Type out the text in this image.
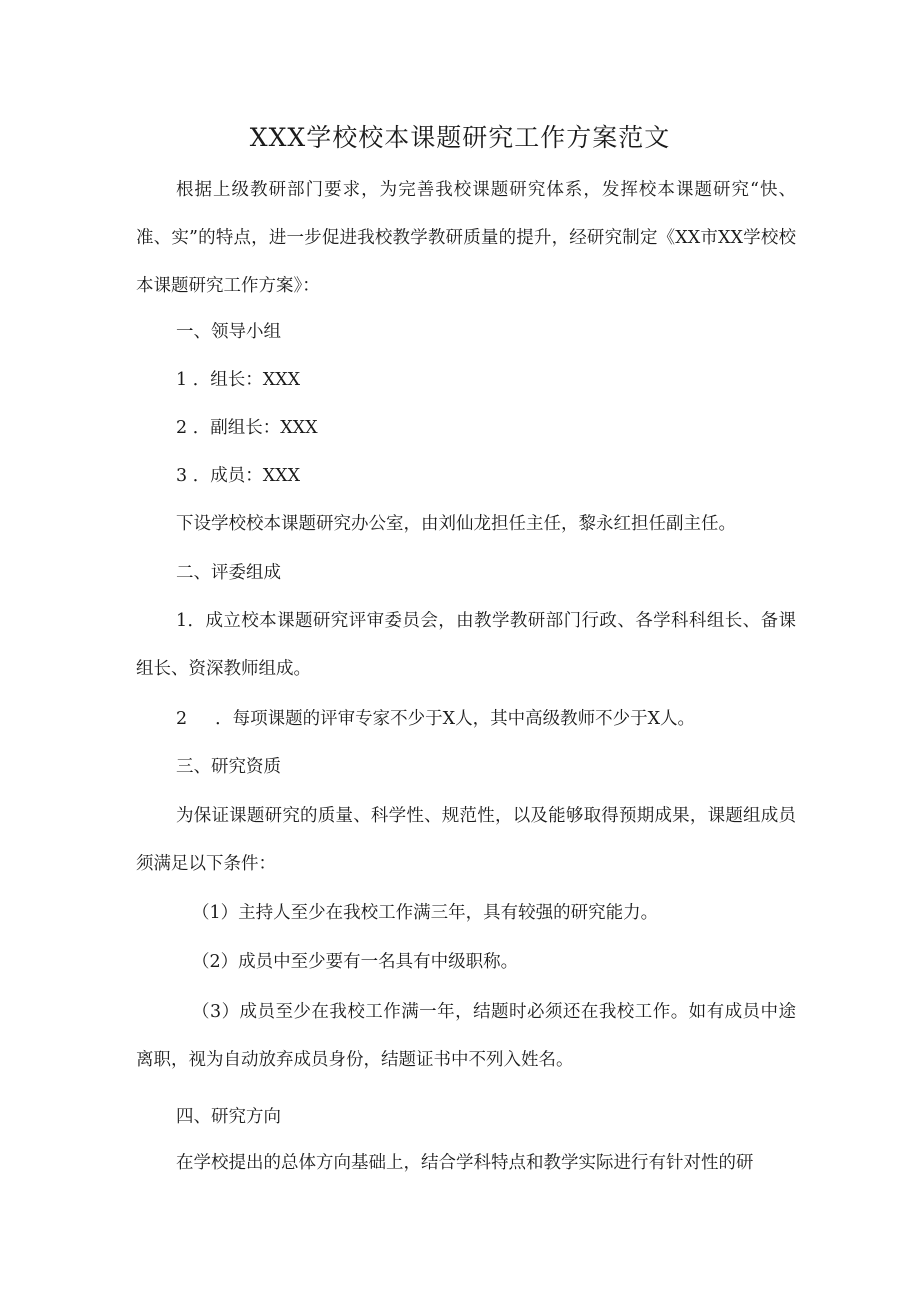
XXX学校校本课题研究工作方案范文
根据上级教研部门要求，为完善我校课题研究体系，发挥校本课题研究“快、准、实”的特点，进一步促进我校教学教研质量的提升，经研究制定《XX市XX学校校本课题研究工作方案》：
一、领导小组
1 ．组长：XXX
2 ．副组长：XXX
3 ．成员：XXX
下设学校校本课题研究办公室，由刘仙龙担任主任，黎永红担任副主任。
二、评委组成
1．成立校本课题研究评审委员会，由教学教研部门行政、各学科科组长、备课组长、资深教师组成。
2 ．每项课题的评审专家不少于X人，其中高级教师不少于X人。
三、研究资质
为保证课题研究的质量、科学性、规范性，以及能够取得预期成果，课题组成员须满足以下条件：
（1）主持人至少在我校工作满三年，具有较强的研究能力。
（2）成员中至少要有一名具有中级职称。
（3）成员至少在我校工作满一年，结题时必须还在我校工作。如有成员中途离职，视为自动放弃成员身份，结题证书中不列入姓名。
四、研究方向
在学校提出的总体方向基础上，结合学科特点和教学实际进行有针对性的研
